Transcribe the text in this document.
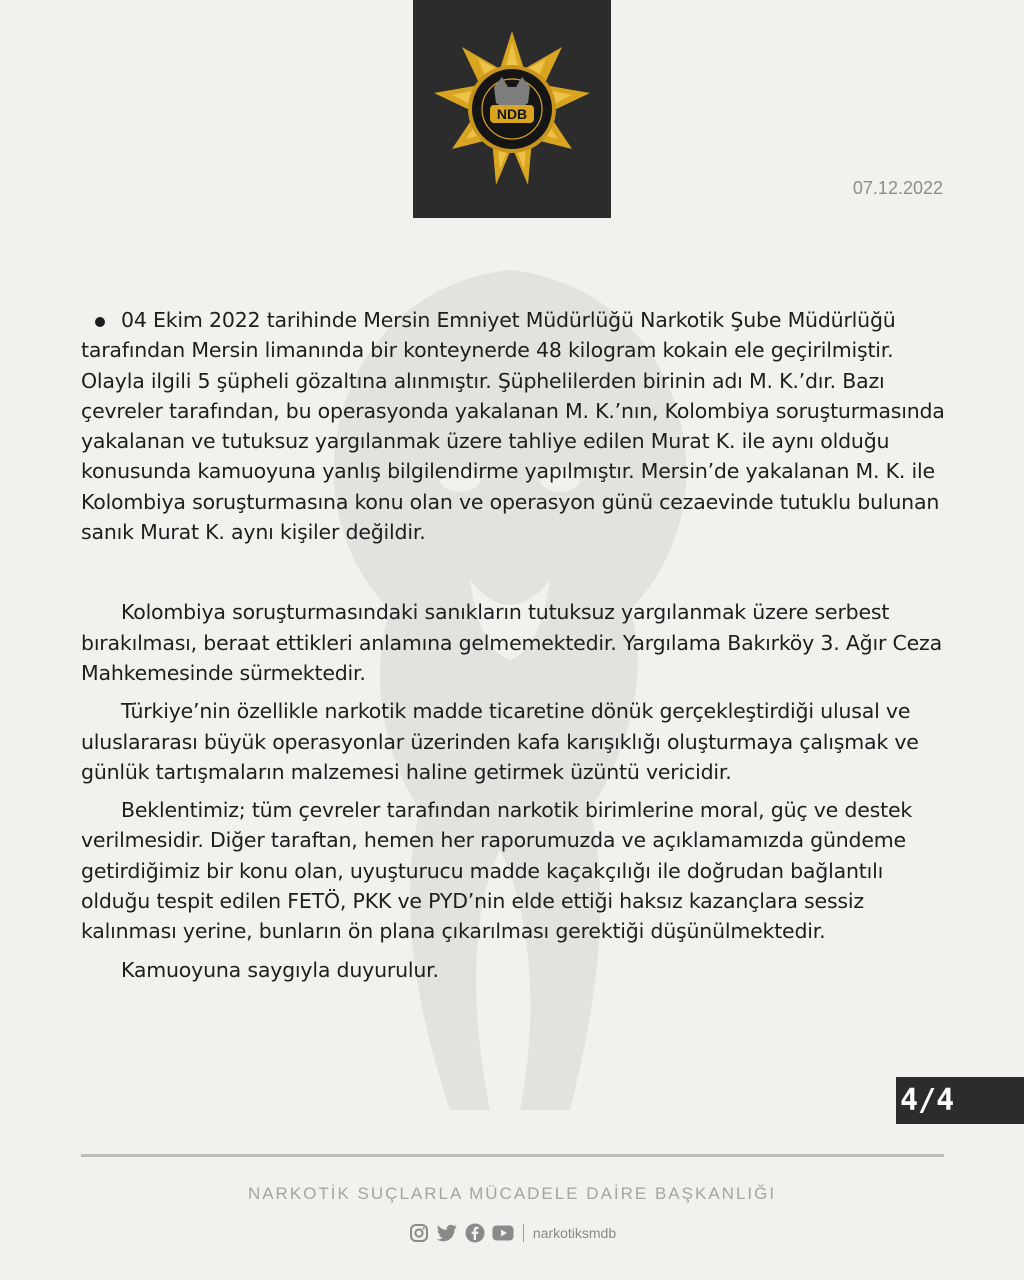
NDB
07.12.2022

04 Ekim 2022 tarihinde Mersin Emniyet Müdürlüğü Narkotik Şube Müdürlüğü tarafından Mersin limanında bir konteynerde 48 kilogram kokain ele geçirilmiştir. Olayla ilgili 5 şüpheli gözaltına alınmıştır. Şüphelilerden birinin adı M. K.’dır. Bazı çevreler tarafından, bu operasyonda yakalanan M. K.’nın, Kolombiya soruşturmasında yakalanan ve tutuksuz yargılanmak üzere tahliye edilen Murat K. ile aynı olduğu konusunda kamuoyuna yanlış bilgilendirme yapılmıştır. Mersin’de yakalanan M. K. ile Kolombiya soruşturmasına konu olan ve operasyon günü cezaevinde tutuklu bulunan sanık Murat K. aynı kişiler değildir.

Kolombiya soruşturmasındaki sanıkların tutuksuz yargılanmak üzere serbest bırakılması, beraat ettikleri anlamına gelmemektedir. Yargılama Bakırköy 3. Ağır Ceza Mahkemesinde sürmektedir.

Türkiye’nin özellikle narkotik madde ticaretine dönük gerçekleştirdiği ulusal ve uluslararası büyük operasyonlar üzerinden kafa karışıklığı oluşturmaya çalışmak ve günlük tartışmaların malzemesi haline getirmek üzüntü vericidir.

Beklentimiz; tüm çevreler tarafından narkotik birimlerine moral, güç ve destek verilmesidir. Diğer taraftan, hemen her raporumuzda ve açıklamamızda gündeme getirdiğimiz bir konu olan, uyuşturucu madde kaçakçılığı ile doğrudan bağlantılı olduğu tespit edilen FETÖ, PKK ve PYD’nin elde ettiği haksız kazançlara sessiz kalınması yerine, bunların ön plana çıkarılması gerektiği düşünülmektedir.

Kamuoyuna saygıyla duyurulur.

4/4
NARKOTİK SUÇLARLA MÜCADELE DAİRE BAŞKANLIĞI
narkotiksmdb
